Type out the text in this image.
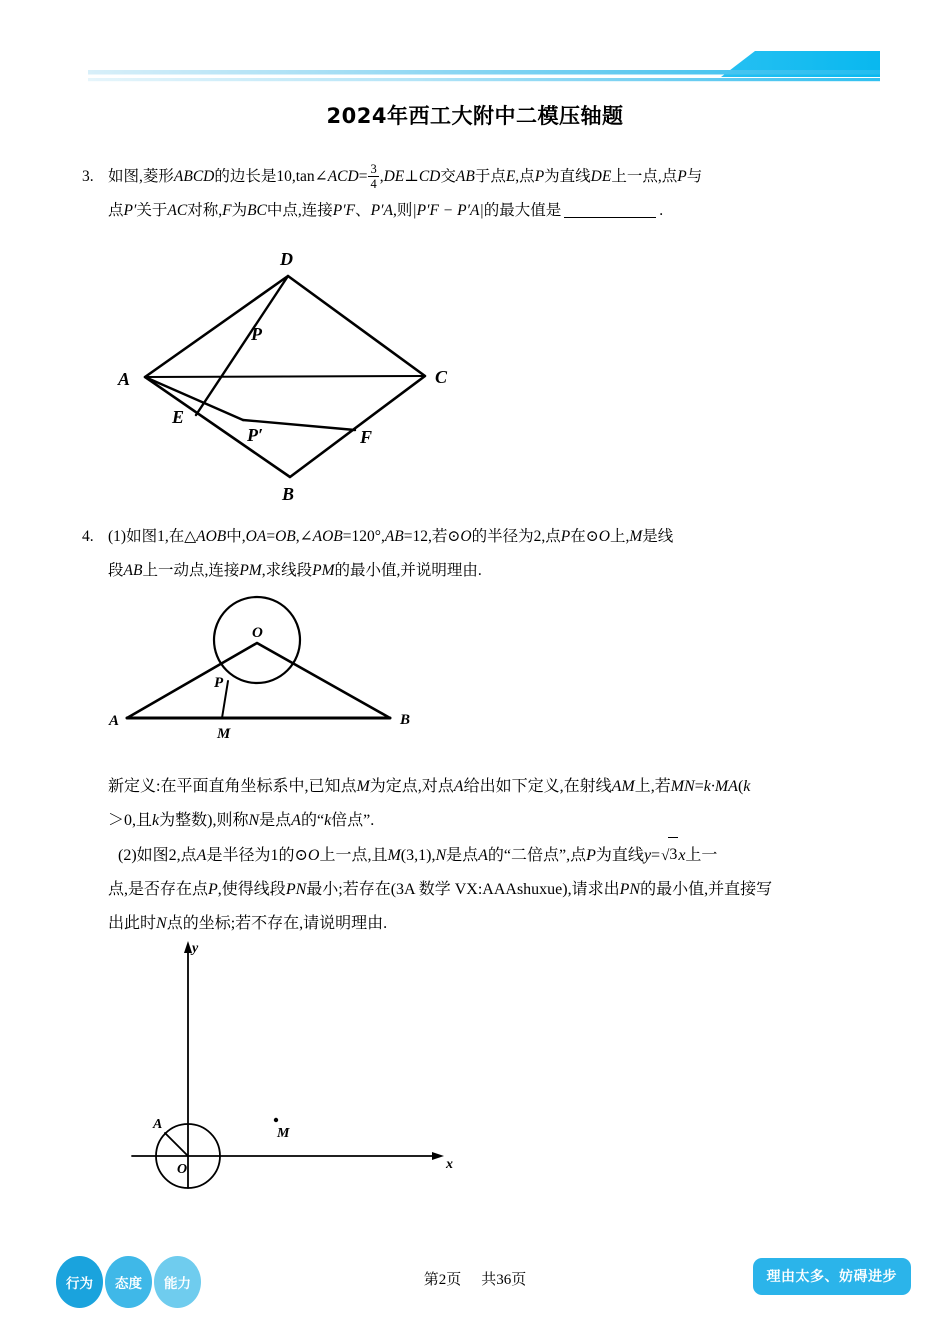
2024年西工大附中二模压轴题
3. 如图,菱形ABCD的边长是10,tan∠ACD= $\frac{3}{4}$ ,DE⊥CD交AB于点E,点P为直线DE上一点,点P与
点P′关于AC对称,F为BC中点,连接P′F、P′A,则|P′F − P′A|的最大值是	.
D
A	C
B
E
P
P′	F
4. (1)如图1,在△AOB中,OA=OB,∠AOB=120°,AB=12,若⊙O的半径为2,点P在⊙O上,M是线
段AB上一动点,连接PM,求线段PM的最小值,并说明理由.
A	B
O
P
M
新定义:在平面直角坐标系中,已知点M为定点,对点A给出如下定义,在射线AM上,若MN=k·MA(k
＞0,且k为整数),则称N是点A的“k倍点”.
(2)如图2,点A是半径为1的⊙O上一点,且M(3,1),N是点A的“二倍点”,点P为直线y=√3x上一
点,是否存在点P,使得线段PN最小;若存在(3A 数学 VX:AAAshuxue),请求出PN的最小值,并直接写
出此时N点的坐标;若不存在,请说明理由.
y
x
O
A
M
行为	态度	能力	第2页 共36页	理由太多、妨碍进步
